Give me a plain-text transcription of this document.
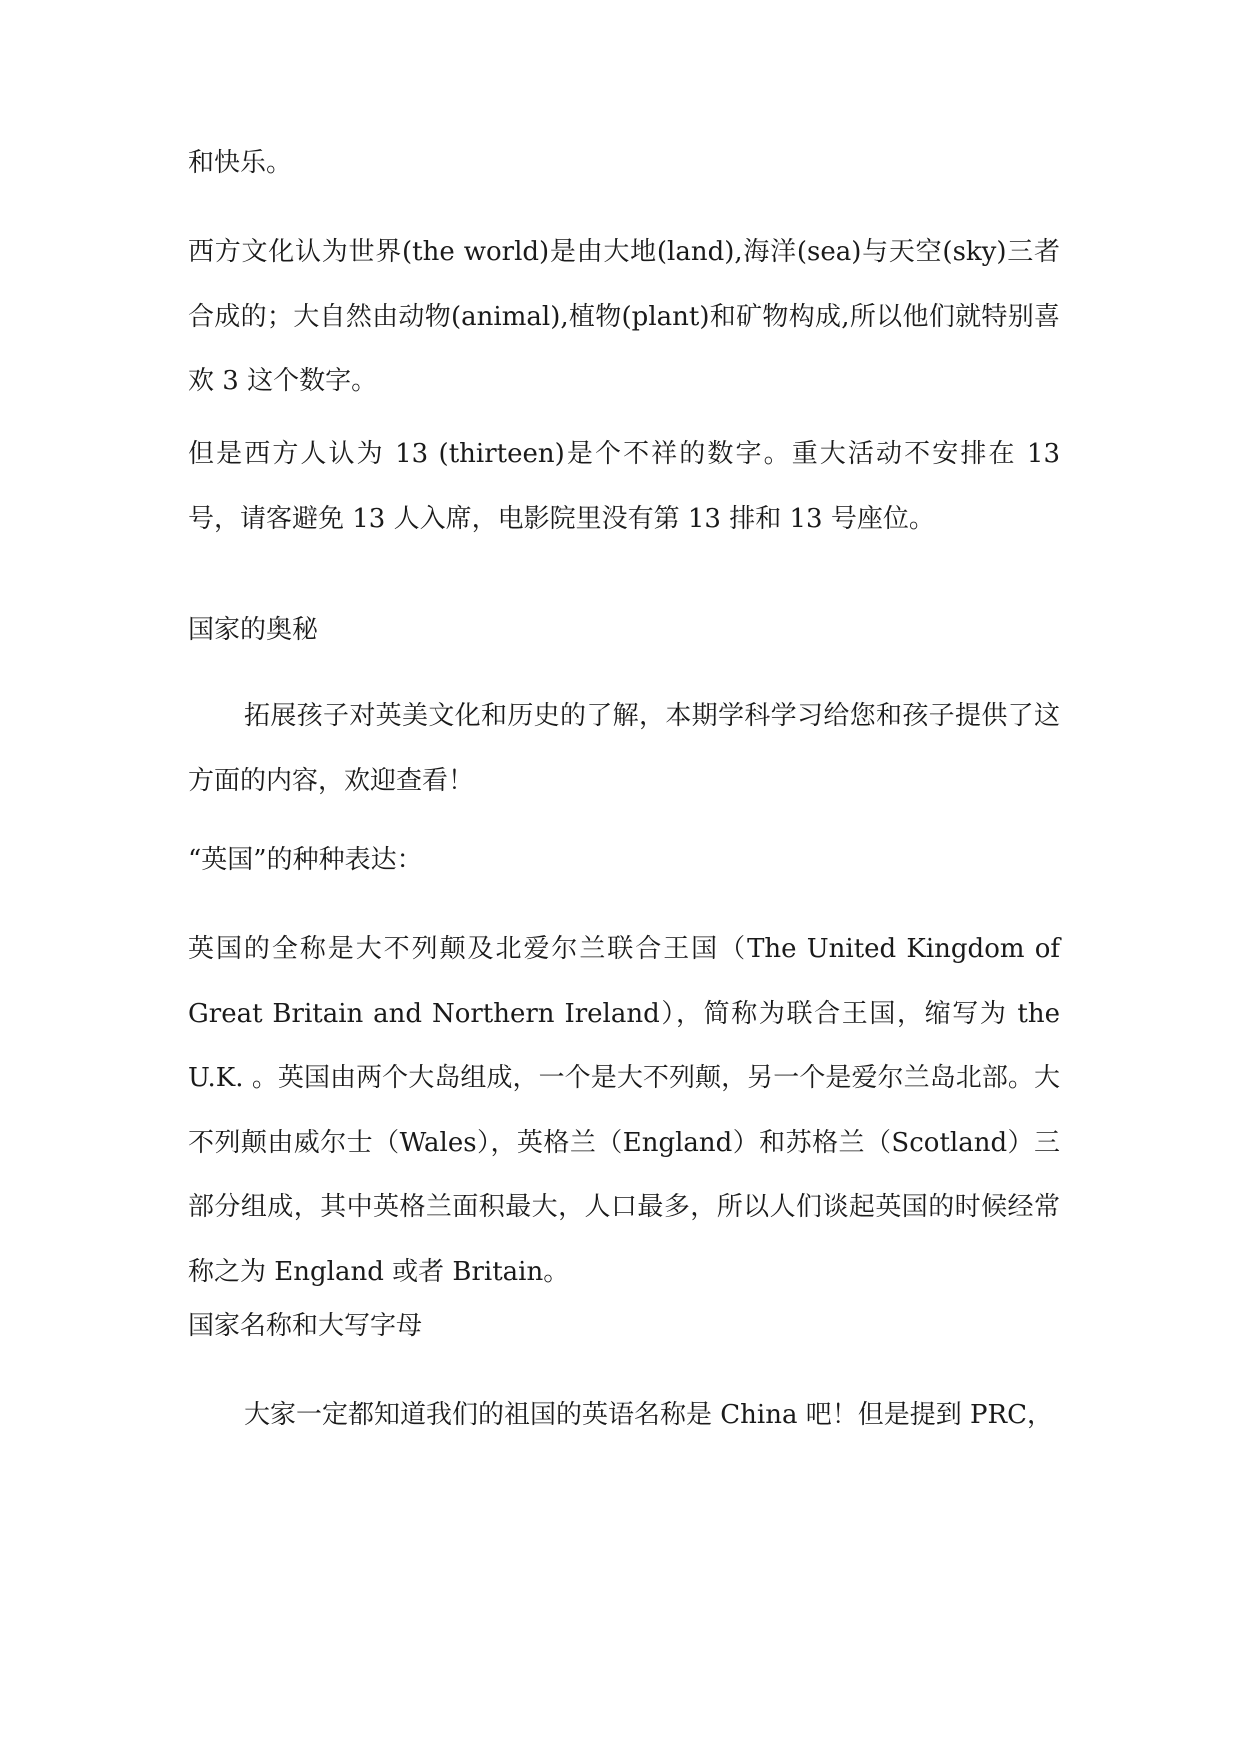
和快乐。

西方文化认为世界(the world)是由大地(land),海洋(sea)与天空(sky)三者合成的；大自然由动物(animal),植物(plant)和矿物构成,所以他们就特别喜欢 3 这个数字。

但是西方人认为 13 (thirteen)是个不祥的数字。重大活动不安排在 13 号，请客避免 13 人入席，电影院里没有第 13 排和 13 号座位。

国家的奥秘

拓展孩子对英美文化和历史的了解，本期学科学习给您和孩子提供了这方面的内容，欢迎查看！

“英国”的种种表达：

英国的全称是大不列颠及北爱尔兰联合王国（The United Kingdom of Great Britain and Northern Ireland），简称为联合王国，缩写为 the U.K. 。英国由两个大岛组成，一个是大不列颠，另一个是爱尔兰岛北部。大不列颠由威尔士（Wales），英格兰（England）和苏格兰（Scotland）三部分组成，其中英格兰面积最大，人口最多，所以人们谈起英国的时候经常称之为 England 或者 Britain。

国家名称和大写字母

大家一定都知道我们的祖国的英语名称是 China 吧！但是提到 PRC，
